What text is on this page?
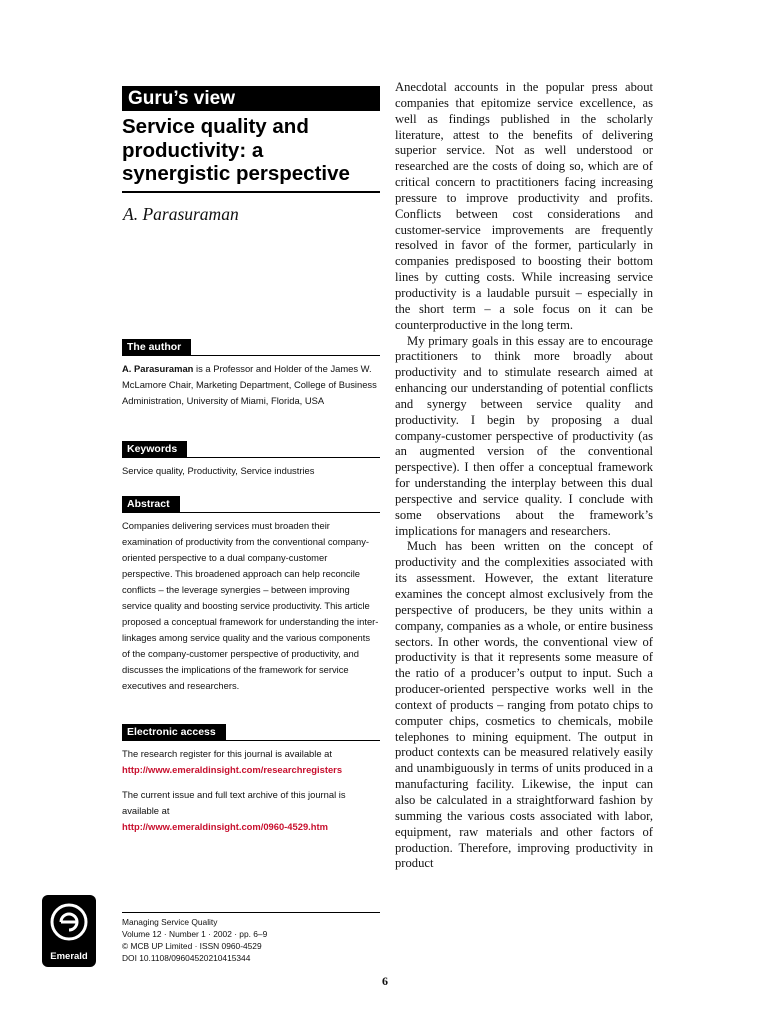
Guru’s view
Service quality and
productivity: a
synergistic perspective
A. Parasuraman
The author
A. Parasuraman is a Professor and Holder of the James W. McLamore Chair, Marketing Department, College of Business Administration, University of Miami, Florida, USA
Keywords
Service quality, Productivity, Service industries
Abstract
Companies delivering services must broaden their examination of productivity from the conventional company-oriented perspective to a dual company-customer perspective. This broadened approach can help reconcile conflicts – the leverage synergies – between improving service quality and boosting service productivity. This article proposed a conceptual framework for understanding the inter-linkages among service quality and the various components of the company-customer perspective of productivity, and discusses the implications of the framework for service executives and researchers.
Electronic access
The research register for this journal is available at
http://www.emeraldinsight.com/researchregisters
The current issue and full text archive of this journal is available at
http://www.emeraldinsight.com/0960-4529.htm
Managing Service Quality
Volume 12 · Number 1 · 2002 · pp. 6–9
© MCB UP Limited · ISSN 0960-4529
DOI 10.1108/09604520210415344
Emerald

Anecdotal accounts in the popular press about companies that epitomize service excellence, as well as findings published in the scholarly literature, attest to the benefits of delivering superior service. Not as well understood or researched are the costs of doing so, which are of critical concern to practitioners facing increasing pressure to improve productivity and profits. Conflicts between cost considerations and customer-service improvements are frequently resolved in favor of the former, particularly in companies predisposed to boosting their bottom lines by cutting costs. While increasing service productivity is a laudable pursuit – especially in the short term – a sole focus on it can be counterproductive in the long term.

My primary goals in this essay are to encourage practitioners to think more broadly about productivity and to stimulate research aimed at enhancing our understanding of potential conflicts and synergy between service quality and productivity. I begin by proposing a dual company-customer perspective of productivity (as an augmented version of the conventional perspective). I then offer a conceptual framework for understanding the interplay between this dual perspective and service quality. I conclude with some observations about the framework’s implications for managers and researchers.

Much has been written on the concept of productivity and the complexities associated with its assessment. However, the extant literature examines the concept almost exclusively from the perspective of producers, be they units within a company, companies as a whole, or entire business sectors. In other words, the conventional view of productivity is that it represents some measure of the ratio of a producer’s output to input. Such a producer-oriented perspective works well in the context of products – ranging from potato chips to computer chips, cosmetics to chemicals, mobile telephones to mining equipment. The output in product contexts can be measured relatively easily and unambiguously in terms of units produced in a manufacturing facility. Likewise, the input can also be calculated in a straightforward fashion by summing the various costs associated with labor, equipment, raw materials and other factors of production. Therefore, improving productivity in product

6
